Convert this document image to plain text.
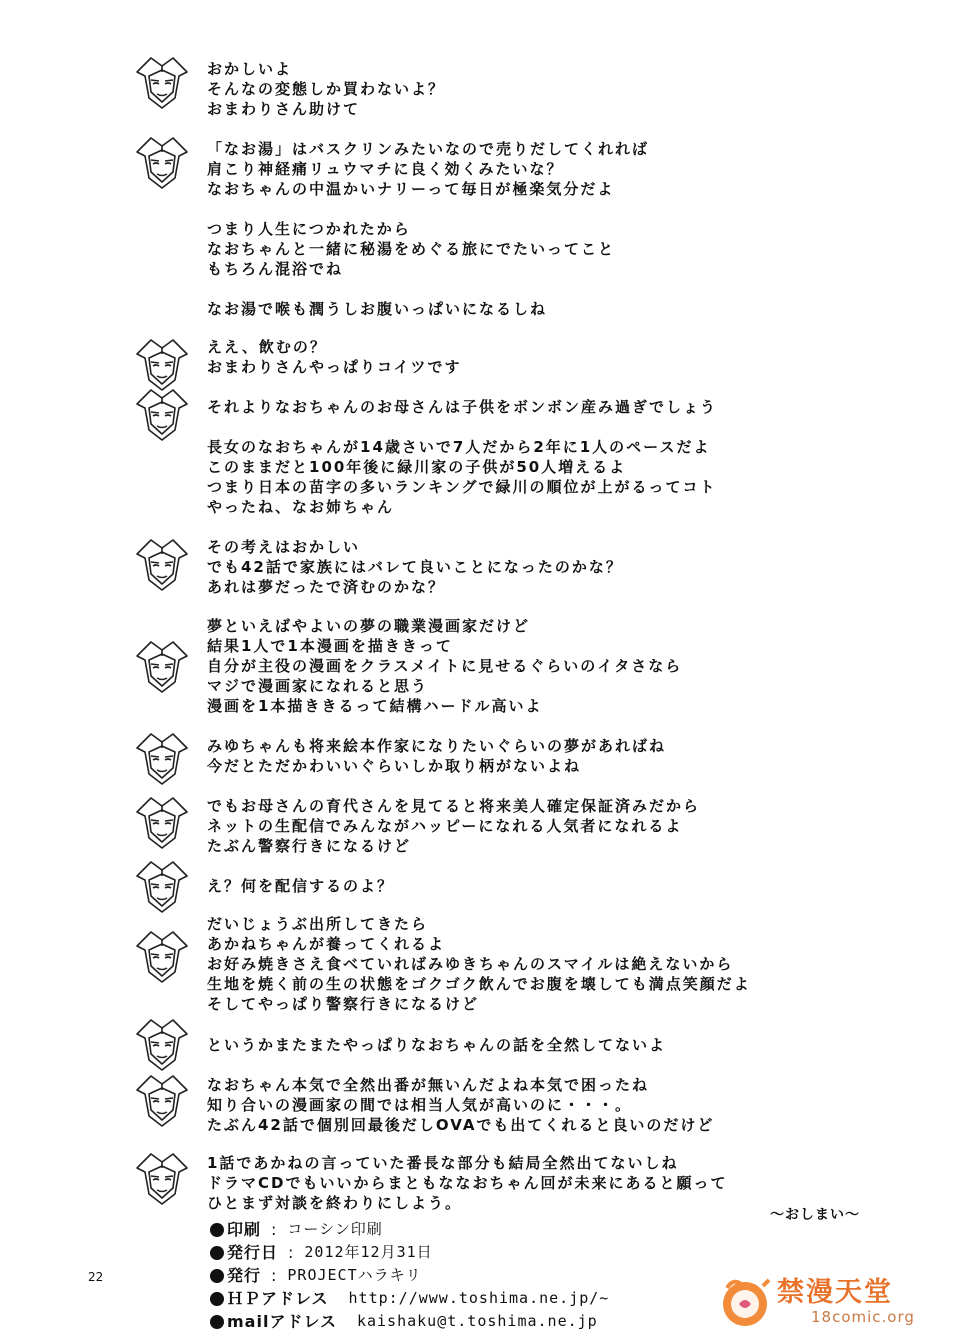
おかしいよ
そんなの変態しか買わないよ？
おまわりさん助けて
「なお湯」はバスクリンみたいなので売りだしてくれれば
肩こり神経痛リュウマチに良く効くみたいな？
なおちゃんの中温かいナリーって毎日が極楽気分だよ
つまり人生につかれたから
なおちゃんと一緒に秘湯をめぐる旅にでたいってこと
もちろん混浴でね
なお湯で喉も潤うしお腹いっぱいになるしね
ええ、飲むの？
おまわりさんやっぱりコイツです
それよりなおちゃんのお母さんは子供をボンボン産み過ぎでしょう
長女のなおちゃんが14歳さいで7人だから2年に1人のペースだよ
このままだと100年後に緑川家の子供が50人増えるよ
つまり日本の苗字の多いランキングで緑川の順位が上がるってコト
やったね、なお姉ちゃん
その考えはおかしい
でも42話で家族にはバレて良いことになったのかな？
あれは夢だったで済むのかな？
夢といえばやよいの夢の職業漫画家だけど
結果1人で1本漫画を描ききって
自分が主役の漫画をクラスメイトに見せるぐらいのイタさなら
マジで漫画家になれると思う
漫画を1本描ききるって結構ハードル高いよ
みゆちゃんも将来絵本作家になりたいぐらいの夢があればね
今だとただかわいいぐらいしか取り柄がないよね
でもお母さんの育代さんを見てると将来美人確定保証済みだから
ネットの生配信でみんながハッピーになれる人気者になれるよ
たぶん警察行きになるけど
え？何を配信するのよ？
だいじょうぶ出所してきたら
あかねちゃんが養ってくれるよ
お好み焼きさえ食べていればみゆきちゃんのスマイルは絶えないから
生地を焼く前の生の状態をゴクゴク飲んでお腹を壊しても満点笑顔だよ
そしてやっぱり警察行きになるけど
というかまたまたやっぱりなおちゃんの話を全然してないよ
なおちゃん本気で全然出番が無いんだよね本気で困ったね
知り合いの漫画家の間では相当人気が高いのに・・・。
たぶん42話で個別回最後だしOVAでも出てくれると良いのだけど
1話であかねの言っていた番長な部分も結局全然出てないしね
ドラマCDでもいいからまともななおちゃん回が未来にあると願って
ひとまず対談を終わりにしよう。
〜おしまい〜
印刷 : コーシン印刷
発行日 : 2012年12月31日
発行 : PROJECTハラキリ
ＨＰアドレス http://www.toshima.ne.jp/~
mailアドレス kaishaku@t.toshima.ne.jp
22	禁漫天堂
18comic.org
